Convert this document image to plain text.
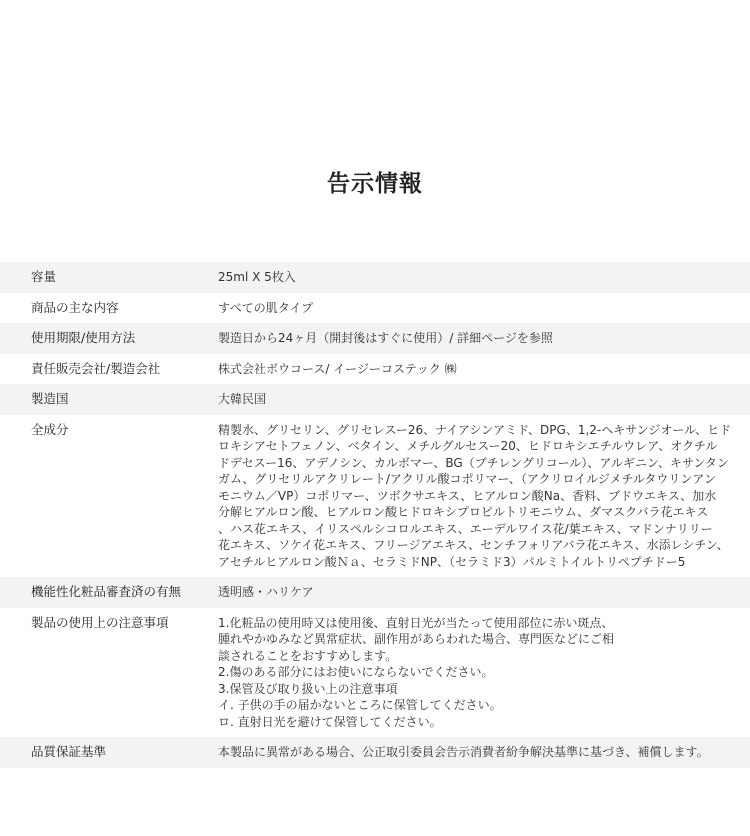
告示情報
容量	25ml X 5枚入
商品の主な内容	すべての肌タイプ
使用期限/使用方法	製造日から24ヶ月（開封後はすぐに使用）/ 詳細ページを参照
責任販売会社/製造会社	株式会社ボウコース/ イージーコステック ㈱
製造国	大韓民国
全成分	精製水、グリセリン、グリセレスー26、ナイアシンアミド、DPG、1,2-ヘキサンジオール、ヒド
ロキシアセトフェノン、ベタイン、メチルグルセスー20、ヒドロキシエチルウレア、オクチル
ドデセスー16、アデノシン、カルボマー、BG（ブチレングリコール）、アルギニン、キサンタン
ガム、グリセリルアクリレート/アクリル酸コポリマー、（アクリロイルジメチルタウリンアン
モニウム／VP）コポリマー、ツボクサエキス、ヒアルロン酸Na、香料、ブドウエキス、加水
分解ヒアルロン酸、ヒアルロン酸ヒドロキシプロピルトリモニウム、ダマスクバラ花エキス
、ハス花エキス、イリスペルシコロルエキス、エーデルワイス花/葉エキス、マドンナリリー
花エキス、ソケイ花エキス、フリージアエキス、センチフォリアバラ花エキス、水添レシチン、
アセチルヒアルロン酸Ｎａ、セラミドNP、（セラミド3）パルミトイルトリペプチドー5
機能性化粧品審査済の有無	透明感・ハリケア
製品の使用上の注意事項	1.化粧品の使用時又は使用後、直射日光が当たって使用部位に赤い斑点、
腫れやかゆみなど異常症状、副作用があらわれた場合、専門医などにご相
談されることをおすすめします。
2.傷のある部分にはお使いにならないでください。
3.保管及び取り扱い上の注意事項
イ. 子供の手の届かないところに保管してください。
ロ. 直射日光を避けて保管してください。
品質保証基準	本製品に異常がある場合、公正取引委員会告示消費者紛争解決基準に基づき、補償します。
